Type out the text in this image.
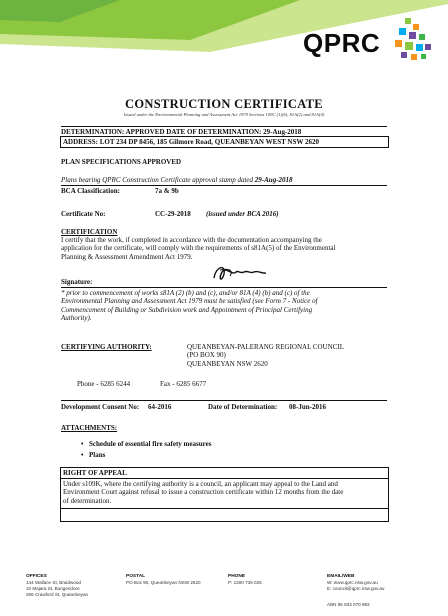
QPRC
CONSTRUCTION CERTIFICATE
Issued under the Environmental Planning and Assessment Act 1979 Sections 109C (1)(b), 81A(2) and 81A(4)
DETERMINATION: APPROVED DATE OF DETERMINATION: 29-Aug-2018
ADDRESS: LOT 234 DP 8456, 185 Gilmore Road, QUEANBEYAN WEST NSW 2620
PLAN SPECIFICATIONS APPROVED
Plans bearing QPRC Construction Certificate approval stamp dated 29-Aug-2018
BCA Classification:	7a & 9b
Certificate No:	CC-29-2018 (issued under BCA 2016)
CERTIFICATION
I certify that the work, if completed in accordance with the documentation accompanying the
application for the certificate, will comply with the requirements of s81A(5) of the Environmental
Planning & Assessment Amendment Act 1979.
Signature:
* prior to commencement of works s81A (2) (b) and (c), and/or 81A (4) (b) and (c) of the
Environmental Planning and Assessment Act 1979 must be satisfied (see Form 7 - Notice of
Commencement of Building or Subdivision work and Appointment of Principal Certifying
Authority).
CERTIFYING AUTHORITY:	QUEANBEYAN-PALERANG REGIONAL COUNCIL
(PO BOX 90)
QUEANBEYAN NSW 2620
Phone - 6285 6244	Fax - 6285 6677
Development Consent No: 64-2016	Date of Determination: 08-Jun-2016
ATTACHMENTS:
• Schedule of essential fire safety measures
• Plans
RIGHT OF APPEAL
Under s109K, where the certifying authority is a council, an applicant may appeal to the Land and
Environment Court against refusal to issue a construction certificate within 12 months from the date
of determination.
OFFICES
144 Wallace St, Braidwood
10 Majara St, Bungendore
256 Crawford St, Queanbeyan
POSTAL
PO Box 90, Queanbeyan NSW 2620
PHONE
P: 1300 735 025
EMAIL/WEB
W: www.qprc.nsw.gov.au
E: council@qprc.nsw.gov.au
ABN 95 933 070 982
